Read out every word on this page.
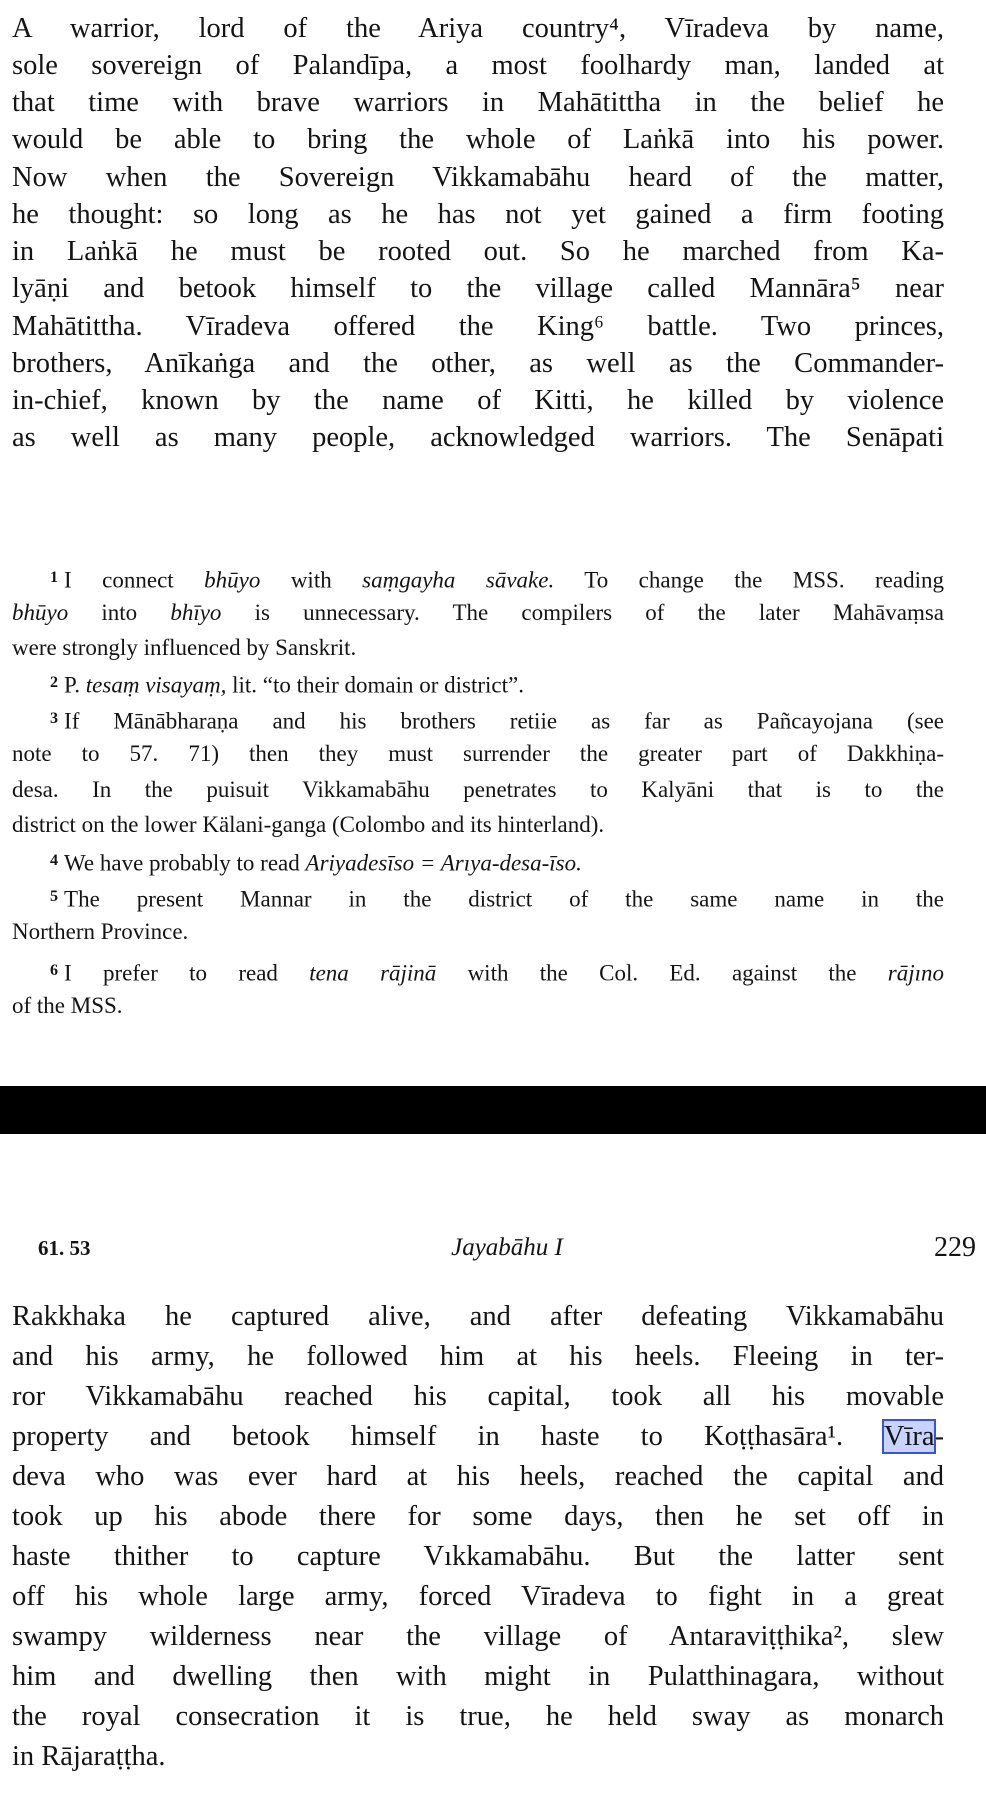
A warrior, lord of the Ariya country⁴, Vīradeva by name,
sole sovereign of Palandīpa, a most foolhardy man, landed at
that time with brave warriors in Mahātittha in the belief he
would be able to bring the whole of Laṅkā into his power.
Now when the Sovereign Vikkamabāhu heard of the matter,
he thought: so long as he has not yet gained a firm footing
in Laṅkā he must be rooted out. So he marched from Ka-
lyāṇi and betook himself to the village called Mannāra⁵ near
Mahātittha. Vīradeva offered the King⁶ battle. Two princes,
brothers, Anīkaṅga and the other, as well as the Commander-
in-chief, known by the name of Kitti, he killed by violence
as well as many people, acknowledged warriors. The Senāpati
$^1$ I connect bhūyo with saṃgayha sāvake. To change the MSS. reading
bhūyo into bhīyo is unnecessary. The compilers of the later Mahāvaṃsa
were strongly influenced by Sanskrit.
$^2$ P. tesaṃ visayaṃ, lit. “to their domain or district”.
$^3$ If Mānābharaṇa and his brothers retiie as far as Pañcayojana (see
note to 57. 71) then they must surrender the greater part of Dakkhiṇa-
desa. In the puisuit Vikkamabāhu penetrates to Kalyāni that is to the
district on the lower Kälani-ganga (Colombo and its hinterland).
$^4$ We have probably to read Ariyadesīso = Arıya-desa-īso.
$^5$ The present Mannar in the district of the same name in the
Northern Province.
$^6$ I prefer to read tena rājinā with the Col. Ed. against the rājıno
of the MSS.
61. 53	Jayabāhu I	229
Rakkhaka he captured alive, and after defeating Vikkamabāhu
and his army, he followed him at his heels. Fleeing in ter-
ror Vikkamabāhu reached his capital, took all his movable
property and betook himself in haste to Koṭṭhasāra¹. Vīra-
deva who was ever hard at his heels, reached the capital and
took up his abode there for some days, then he set off in
haste thither to capture Vıkkamabāhu. But the latter sent
off his whole large army, forced Vīradeva to fight in a great
swampy wilderness near the village of Antaraviṭṭhika², slew
him and dwelling then with might in Pulatthinagara, without
the royal consecration it is true, he held sway as monarch
in Rājaraṭṭha.
